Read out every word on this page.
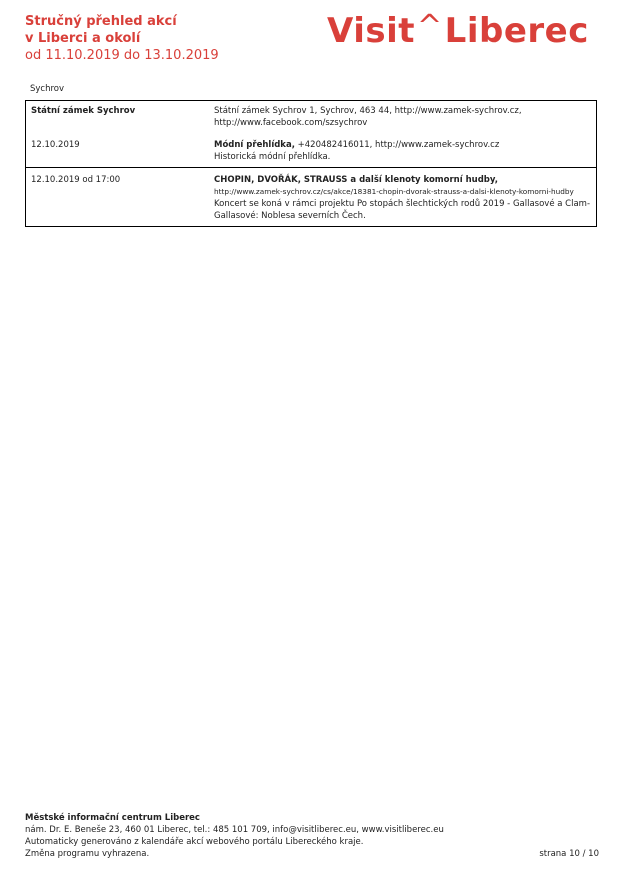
Stručný přehled akcí
v Liberci a okolí
od 11.10.2019 do 13.10.2019
Visit^Liberec
Sychrov
Státní zámek Sychrov	Státní zámek Sychrov 1, Sychrov, 463 44, http://www.zamek-sychrov.cz,
http://www.facebook.com/szsychrov

12.10.2019	Módní přehlídka, +420482416011, http://www.zamek-sychrov.cz
Historická módní přehlídka.

12.10.2019 od 17:00	CHOPIN, DVOŘÁK, STRAUSS a další klenoty komorní hudby,
http://www.zamek-sychrov.cz/cs/akce/18381-chopin-dvorak-strauss-a-dalsi-klenoty-komorni-hudby
Koncert se koná v rámci projektu Po stopách šlechtických rodů 2019 - Gallasové a Clam-Gallasové: Noblesa severních Čech.
Městské informační centrum Liberec
nám. Dr. E. Beneše 23, 460 01 Liberec, tel.: 485 101 709, info@visitliberec.eu, www.visitliberec.eu
Automaticky generováno z kalendáře akcí webového portálu Libereckého kraje.
Změna programu vyhrazena.	strana 10 / 10
